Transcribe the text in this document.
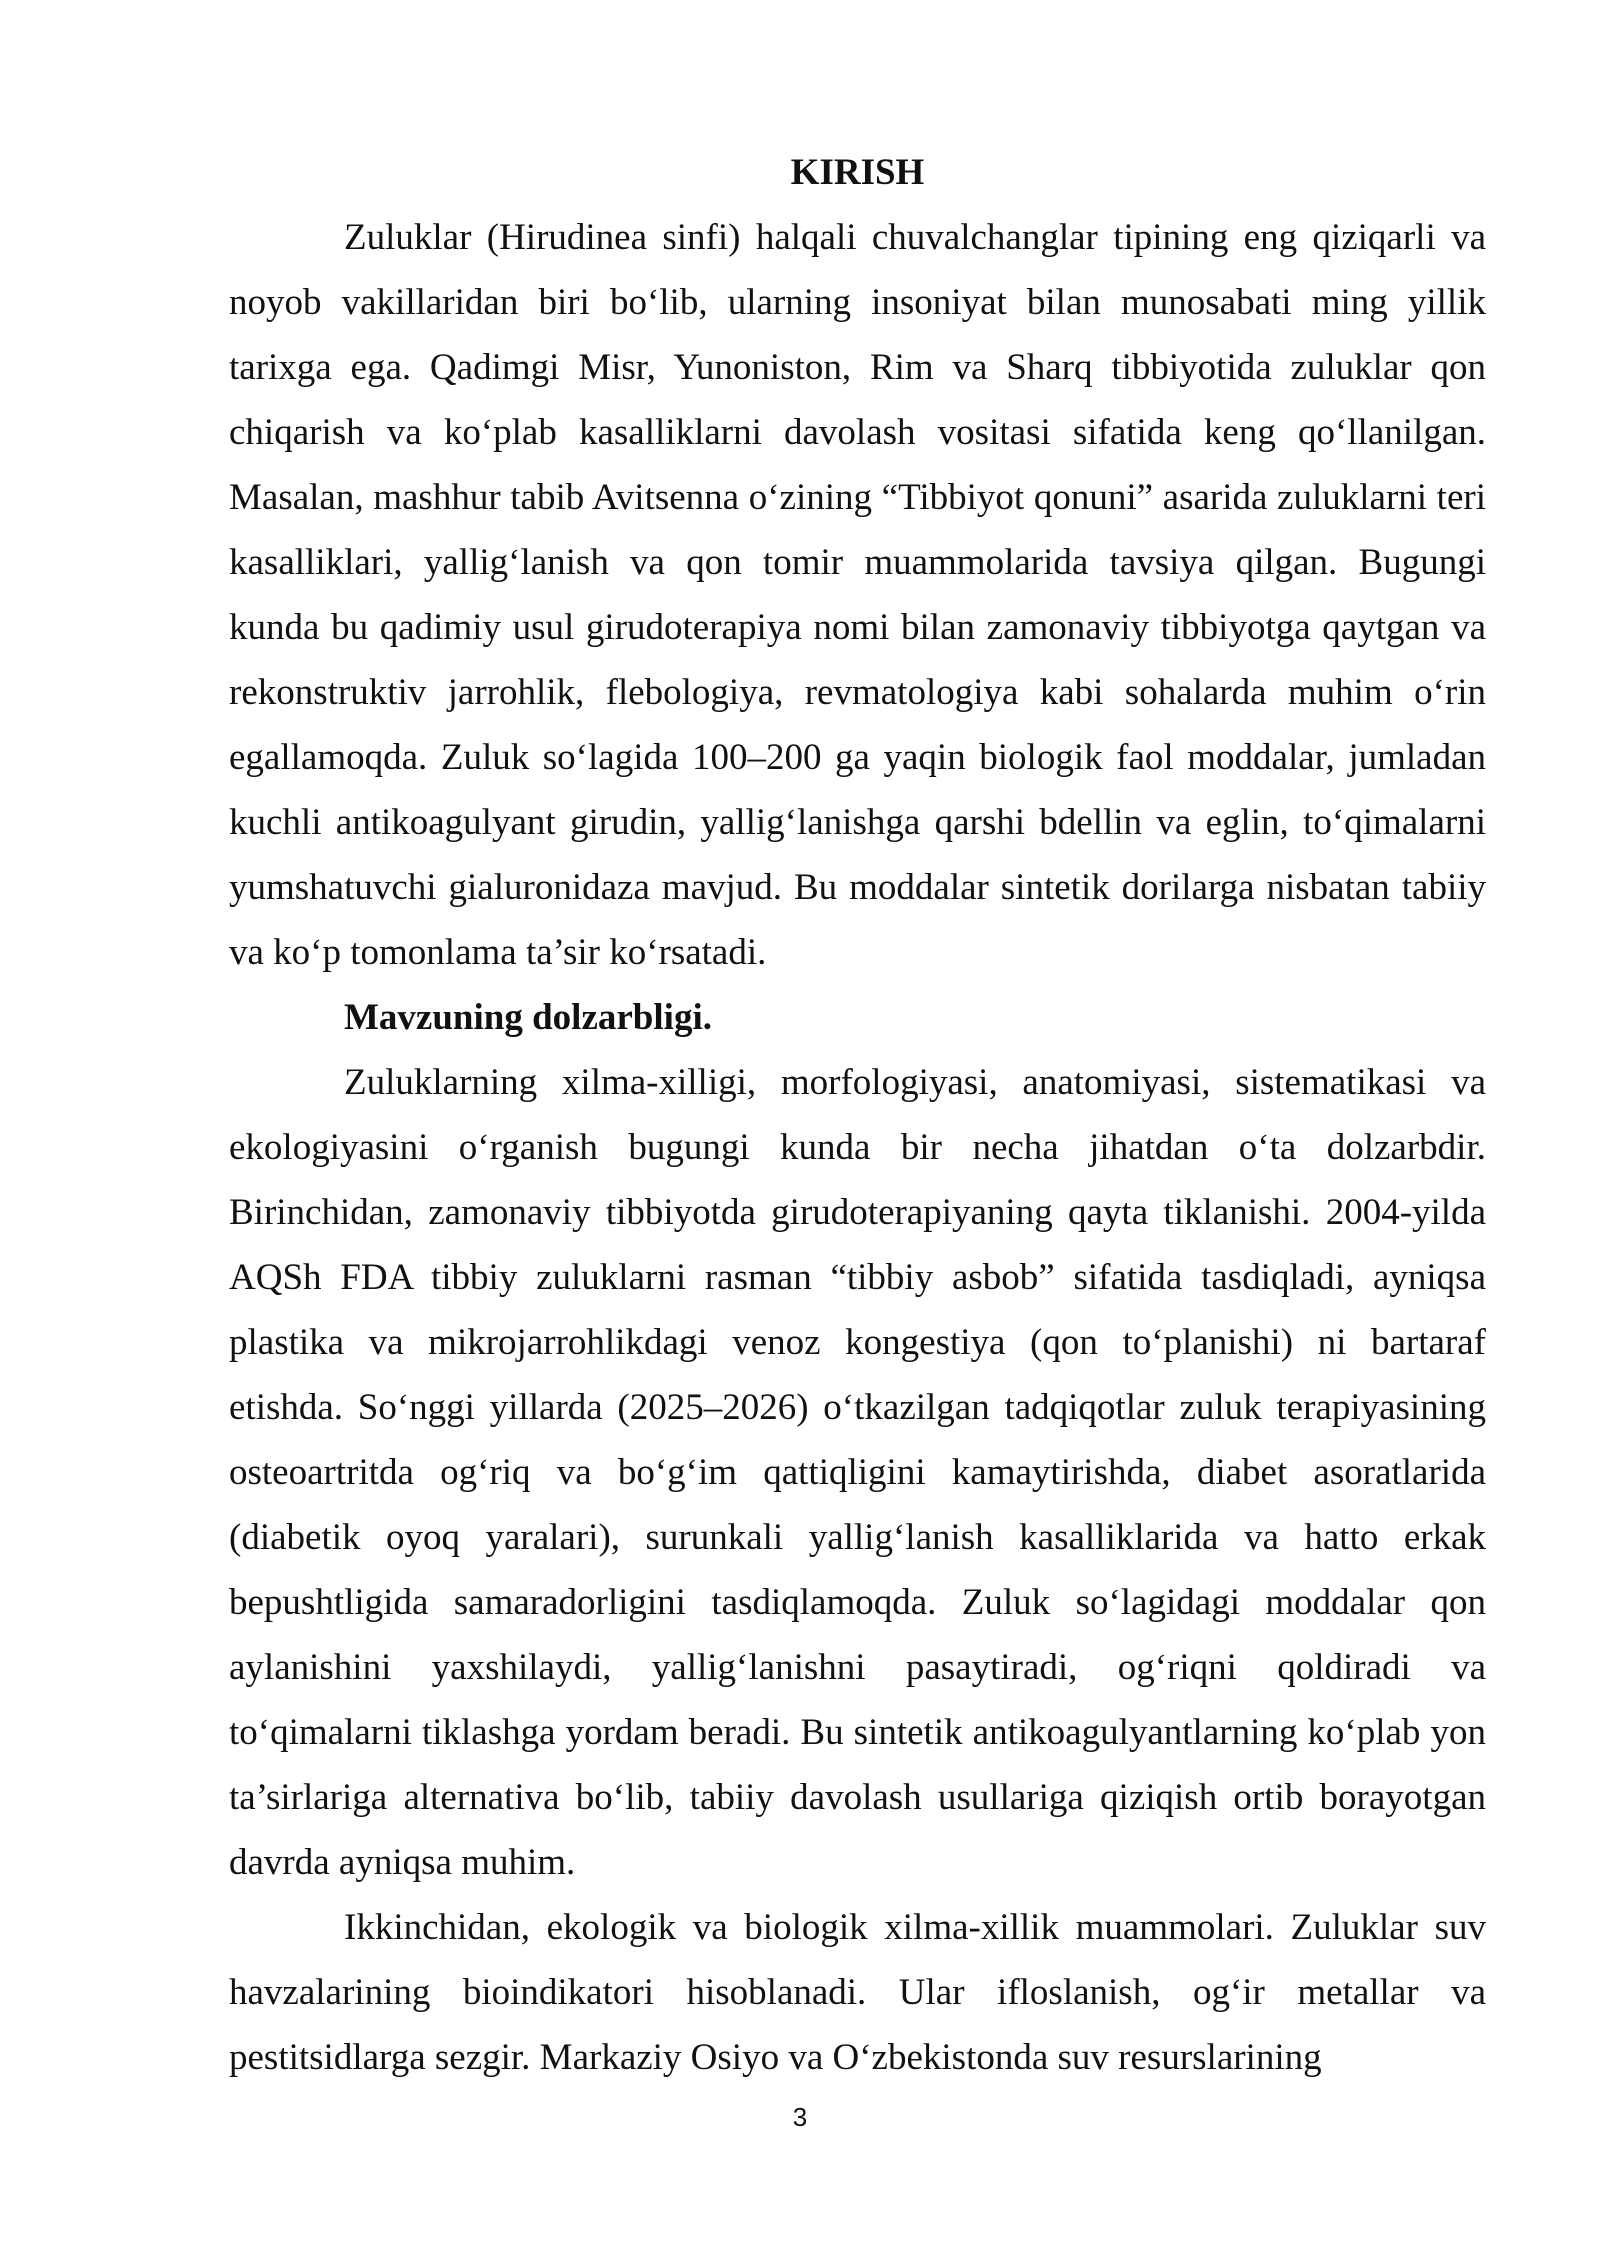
KIRISH

Zuluklar (Hirudinea sinfi) halqali chuvalchanglar tipining eng qiziqarli va noyob vakillaridan biri bo‘lib, ularning insoniyat bilan munosabati ming yillik tarixga ega. Qadimgi Misr, Yunoniston, Rim va Sharq tibbiyotida zuluklar qon chiqarish va ko‘plab kasalliklarni davolash vositasi sifatida keng qo‘llanilgan. Masalan, mashhur tabib Avitsenna o‘zining “Tibbiyot qonuni” asarida zuluklarni teri kasalliklari, yallig‘lanish va qon tomir muammolarida tavsiya qilgan. Bugungi kunda bu qadimiy usul girudoterapiya nomi bilan zamonaviy tibbiyotga qaytgan va rekonstruktiv jarrohlik, flebologiya, revmatologiya kabi sohalarda muhim o‘rin egallamoqda. Zuluk so‘lagida 100–200 ga yaqin biologik faol moddalar, jumladan kuchli antikoagulyant girudin, yallig‘lanishga qarshi bdellin va eglin, to‘qimalarni yumshatuvchi gialuronidaza mavjud. Bu moddalar sintetik dorilarga nisbatan tabiiy va ko‘p tomonlama ta’sir ko‘rsatadi.

Mavzuning dolzarbligi.

Zuluklarning xilma-xilligi, morfologiyasi, anatomiyasi, sistematikasi va ekologiyasini o‘rganish bugungi kunda bir necha jihatdan o‘ta dolzarbdir. Birinchidan, zamonaviy tibbiyotda girudoterapiyaning qayta tiklanishi. 2004-yilda AQSh FDA tibbiy zuluklarni rasman “tibbiy asbob” sifatida tasdiqladi, ayniqsa plastika va mikrojarrohlikdagi venoz kongestiya (qon to‘planishi) ni bartaraf etishda. So‘nggi yillarda (2025–2026) o‘tkazilgan tadqiqotlar zuluk terapiyasining osteoartritda og‘riq va bo‘g‘im qattiqligini kamaytirishda, diabet asoratlarida (diabetik oyoq yaralari), surunkali yallig‘lanish kasalliklarida va hatto erkak bepushtligida samaradorligini tasdiqlamoqda. Zuluk so‘lagidagi moddalar qon aylanishini yaxshilaydi, yallig‘lanishni pasaytiradi, og‘riqni qoldiradi va to‘qimalarni tiklashga yordam beradi. Bu sintetik antikoagulyantlarning ko‘plab yon ta’sirlariga alternativa bo‘lib, tabiiy davolash usullariga qiziqish ortib borayotgan davrda ayniqsa muhim.

Ikkinchidan, ekologik va biologik xilma-xillik muammolari. Zuluklar suv havzalarining bioindikatori hisoblanadi. Ular ifloslanish, og‘ir metallar va pestitsidlarga sezgir. Markaziy Osiyo va O‘zbekistonda suv resurslarining

3
